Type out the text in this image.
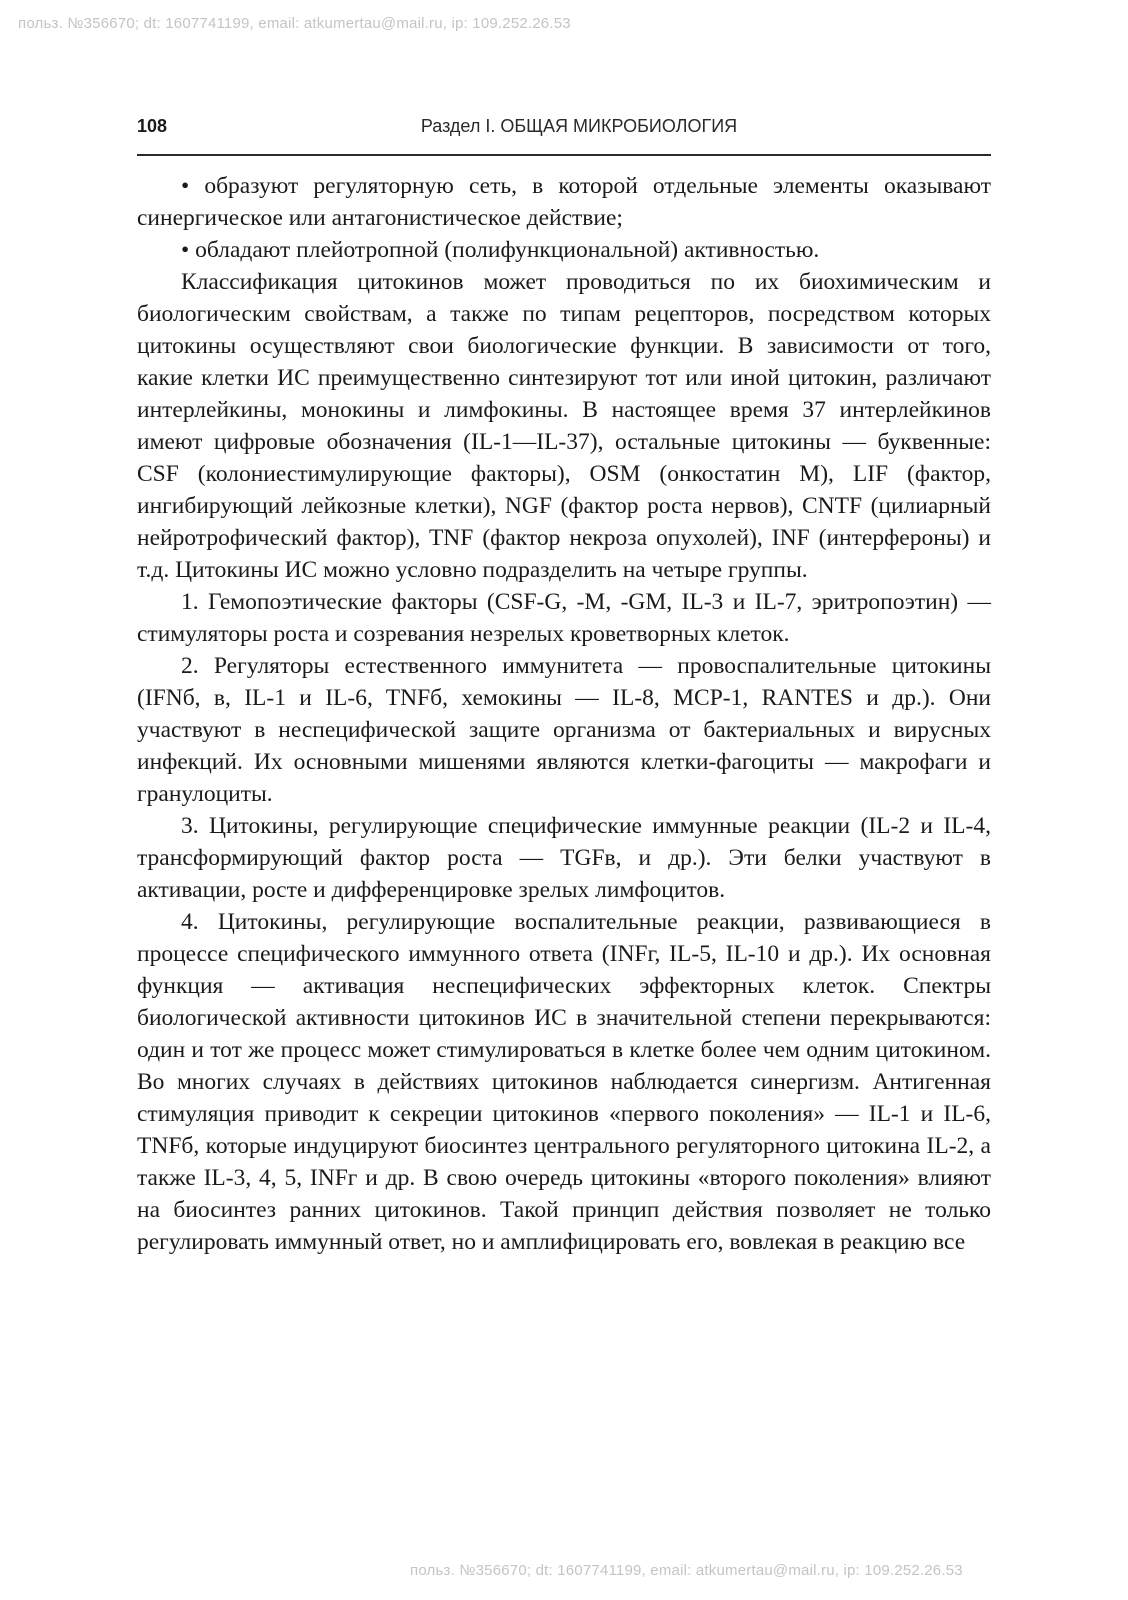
польз. №356670; dt: 1607741199, email: atkumertau@mail.ru, ip: 109.252.26.53
108	Раздел I. ОБЩАЯ МИКРОБИОЛОГИЯ

• образуют регуляторную сеть, в которой отдельные элементы оказывают синергическое или антагонистическое действие;

• обладают плейотропной (полифункциональной) активностью.

Классификация цитокинов может проводиться по их биохимическим и биологическим свойствам, а также по типам рецепторов, посредством которых цитокины осуществляют свои биологические функции. В зависимости от того, какие клетки ИС преимущественно синтезируют тот или иной цитокин, различают интерлейкины, монокины и лимфокины. В настоящее время 37 интерлейкинов имеют цифровые обозначения (IL-1—IL-37), остальные цитокины — буквенные: CSF (колониестимулирующие факторы), OSM (онкостатин M), LIF (фактор, ингибирующий лейкозные клетки), NGF (фактор роста нервов), CNTF (цилиарный нейротрофический фактор), TNF (фактор некроза опухолей), INF (интерфероны) и т.д. Цитокины ИС можно условно подразделить на четыре группы.

1. Гемопоэтические факторы (CSF-G, -M, -GM, IL-3 и IL-7, эритропоэтин) — стимуляторы роста и созревания незрелых кроветворных клеток.

2. Регуляторы естественного иммунитета — провоспалительные цитокины (IFNб, в, IL-1 и IL-6, TNFб, хемокины — IL-8, MCP-1, RANTES и др.). Они участвуют в неспецифической защите организма от бактериальных и вирусных инфекций. Их основными мишенями являются клетки-фагоциты — макрофаги и гранулоциты.

3. Цитокины, регулирующие специфические иммунные реакции (IL-2 и IL-4, трансформирующий фактор роста — TGFв, и др.). Эти белки участвуют в активации, росте и дифференцировке зрелых лимфоцитов.

4. Цитокины, регулирующие воспалительные реакции, развивающиеся в процессе специфического иммунного ответа (INFг, IL-5, IL-10 и др.). Их основная функция — активация неспецифических эффекторных клеток. Спектры биологической активности цитокинов ИС в значительной степени перекрываются: один и тот же процесс может стимулироваться в клетке более чем одним цитокином. Во многих случаях в действиях цитокинов наблюдается синергизм. Антигенная стимуляция приводит к секреции цитокинов «первого поколения» — IL-1 и IL-6, TNFб, которые индуцируют биосинтез центрального регуляторного цитокина IL-2, а также IL-3, 4, 5, INFг и др. В свою очередь цитокины «второго поколения» влияют на биосинтез ранних цитокинов. Такой принцип действия позволяет не только регулировать иммунный ответ, но и амплифицировать его, вовлекая в реакцию все

польз. №356670; dt: 1607741199, email: atkumertau@mail.ru, ip: 109.252.26.53
